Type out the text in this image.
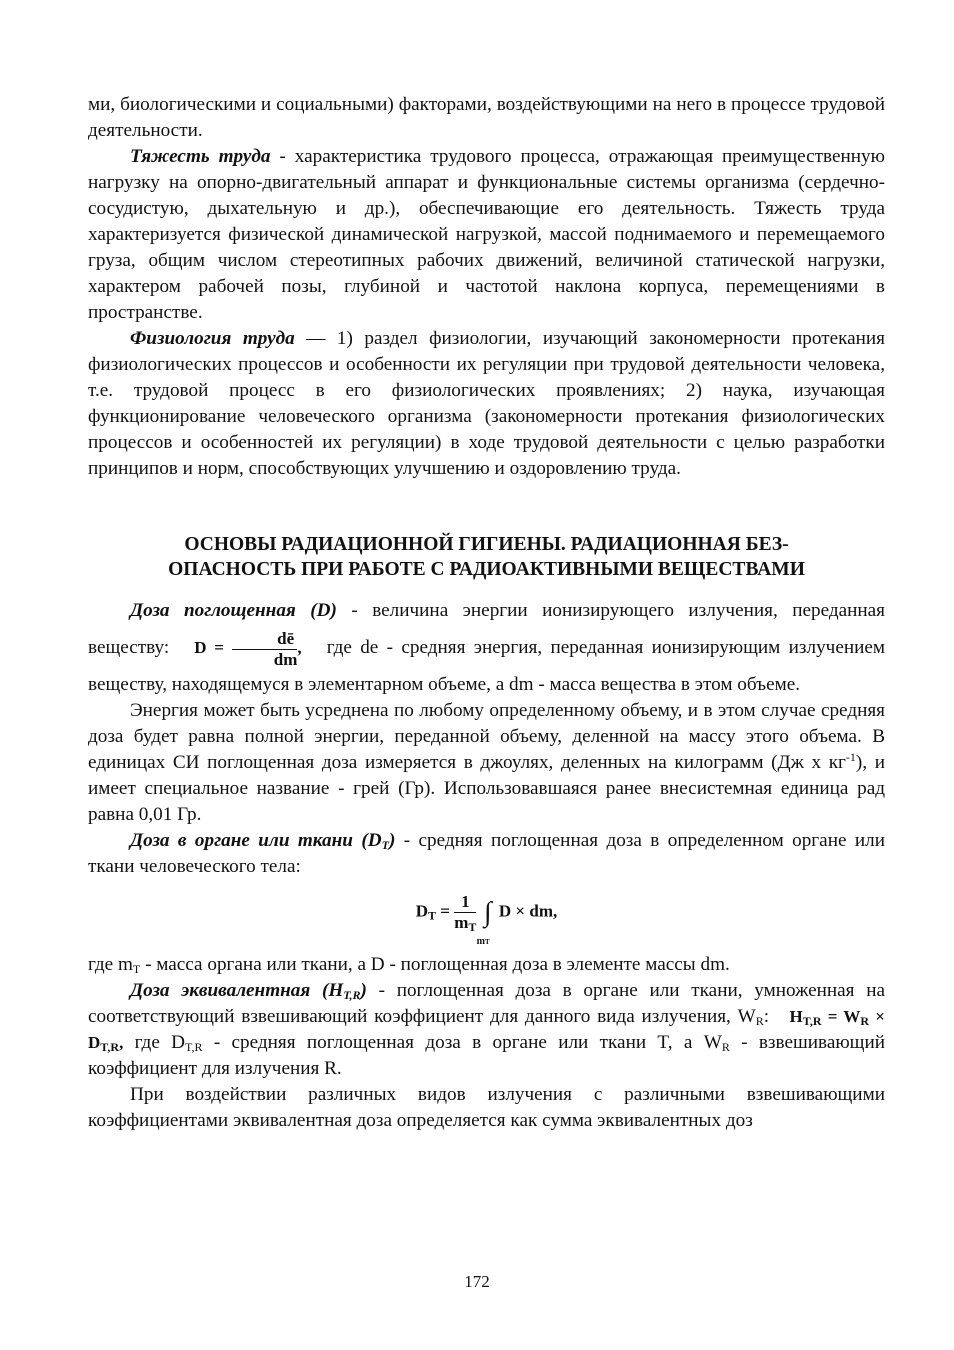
ми, биологическими и социальными) факторами, воздействующими на него в процессе трудовой деятельности.

Тяжесть труда - характеристика трудового процесса, отражающая преимущественную нагрузку на опорно-двигательный аппарат и функциональные системы организма (сердечно-сосудистую, дыхательную и др.), обеспечивающие его деятельность. Тяжесть труда характеризуется физической динамической нагрузкой, массой поднимаемого и перемещаемого груза, общим числом стереотипных рабочих движений, величиной статической нагрузки, характером рабочей позы, глубиной и частотой наклона корпуса, перемещениями в пространстве.

Физиология труда — 1) раздел физиологии, изучающий закономерности протекания физиологических процессов и особенности их регуляции при трудовой деятельности человека, т.е. трудовой процесс в его физиологических проявлениях; 2) наука, изучающая функционирование человеческого организма (закономерности протекания физиологических процессов и особенностей их регуляции) в ходе трудовой деятельности с целью разработки принципов и норм, способствующих улучшению и оздоровлению труда.

ОСНОВЫ РАДИАЦИОННОЙ ГИГИЕНЫ. РАДИАЦИОННАЯ БЕЗ-
ОПАСНОСТЬ ПРИ РАБОТЕ С РАДИОАКТИВНЫМИ ВЕЩЕСТВАМИ

Доза поглощенная (D) - величина энергии ионизирующего излучения, переданная веществу: $D = \frac{dē}{dm}$ , где de - средняя энергия, переданная ионизирующим излучением веществу, находящемуся в элементарном объеме, а dm - масса вещества в этом объеме.

Энергия может быть усреднена по любому определенному объему, и в этом случае средняя доза будет равна полной энергии, переданной объему, деленной на массу этого объема. В единицах СИ поглощенная доза измеряется в джоулях, деленных на килограмм (Дж х $кг^{-1}$), и имеет специальное название - грей (Гр). Использовавшаяся ранее внесистемная единица рад равна 0,01 Гр.

Доза в органе или ткани $(D_T)$ - средняя поглощенная доза в определенном органе или ткани человеческого тела:

$D_T = \frac{1}{m_T}$ ∫
mT
D × dm,

где $m_T$ - масса органа или ткани, а D - поглощенная доза в элементе массы dm.

Доза эквивалентная $(H_{T,R})$ - поглощенная доза в органе или ткани, умноженная на соответствующий взвешивающий коэффициент для данного вида излучения, $W_R$: $H_{T,R} = W_R \times D_{T,R}$, где $D_{T,R}$ - средняя поглощенная доза в органе или ткани T, а $W_R$ - взвешивающий коэффициент для излучения R.

При воздействии различных видов излучения с различными взвешивающими коэффициентами эквивалентная доза определяется как сумма эквивалентных доз

172
